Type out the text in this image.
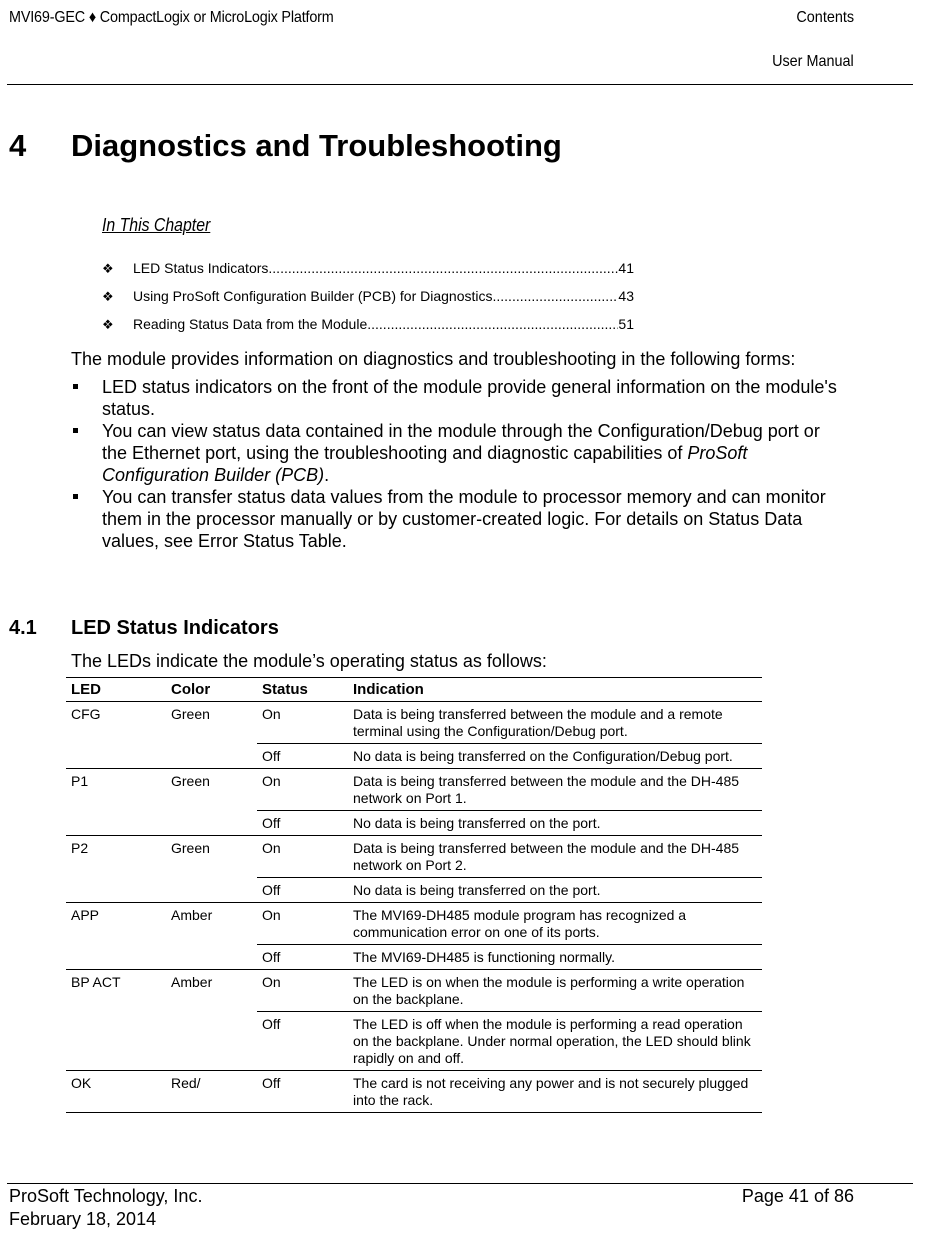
MVI69-GEC ♦ CompactLogix or MicroLogix Platform	Contents
User Manual
4 Diagnostics and Troubleshooting
In This Chapter
❖	LED Status Indicators .....	41
❖	Using ProSoft Configuration Builder (PCB) for Diagnostics .....	43
❖	Reading Status Data from the Module .....	51
The module provides information on diagnostics and troubleshooting in the following forms:
LED status indicators on the front of the module provide general information on the module's status.
You can view status data contained in the module through the Configuration/Debug port or the Ethernet port, using the troubleshooting and diagnostic capabilities of ProSoft Configuration Builder (PCB).
You can transfer status data values from the module to processor memory and can monitor them in the processor manually or by customer-created logic. For details on Status Data values, see Error Status Table.
4.1 LED Status Indicators
The LEDs indicate the module’s operating status as follows:
LED	Color	Status	Indication
CFG	Green	On	Data is being transferred between the module and a remote terminal using the Configuration/Debug port.
		Off	No data is being transferred on the Configuration/Debug port.
P1	Green	On	Data is being transferred between the module and the DH-485 network on Port 1.
		Off	No data is being transferred on the port.
P2	Green	On	Data is being transferred between the module and the DH-485 network on Port 2.
		Off	No data is being transferred on the port.
APP	Amber	On	The MVI69-DH485 module program has recognized a communication error on one of its ports.
		Off	The MVI69-DH485 is functioning normally.
BP ACT	Amber	On	The LED is on when the module is performing a write operation on the backplane.
		Off	The LED is off when the module is performing a read operation on the backplane. Under normal operation, the LED should blink rapidly on and off.
OK	Red/	Off	The card is not receiving any power and is not securely plugged into the rack.
ProSoft Technology, Inc.
February 18, 2014
Page 41 of 86
